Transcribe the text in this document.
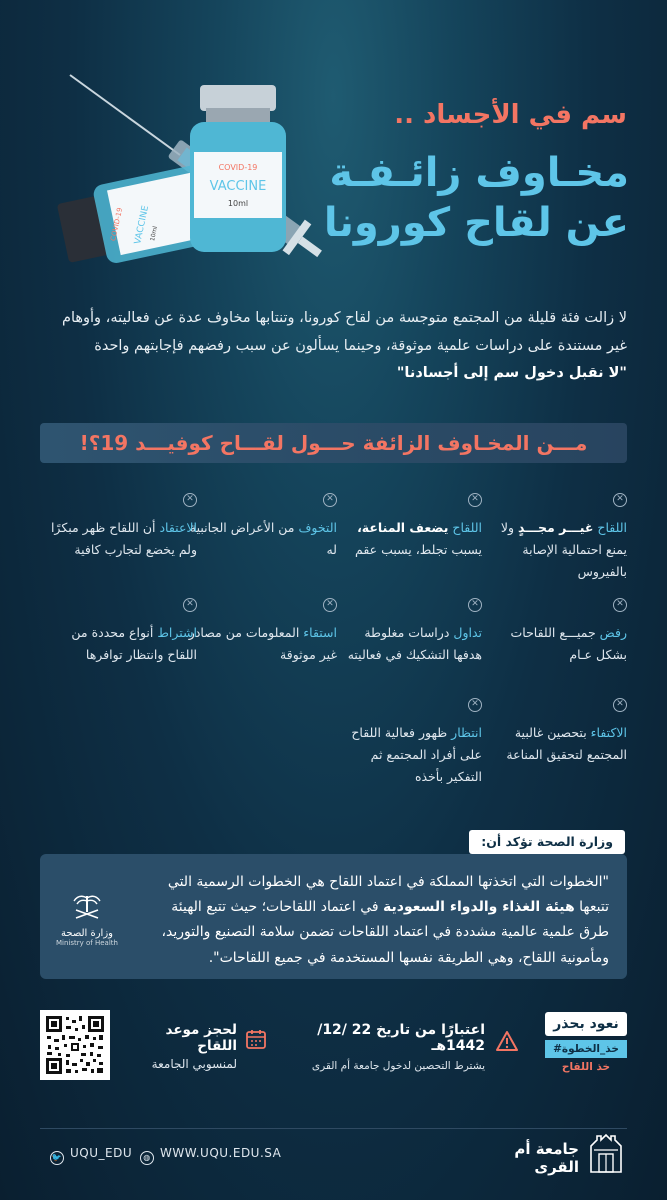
COVID-19 VACCINE
10ml
COVID-19
VACCINE
10ml
سم في الأجساد ..
مخـاوف زائـفـة
عن لقاح كورونا
لا زالت فئة قليلة من المجتمع متوجسة من لقاح كورونا، وتنتابها مخاوف عدة عن فعاليته، وأوهام غير مستندة على دراسات علمية موثوقة، وحينما يسألون عن سبب رفضهم فإجابتهم واحدة
"لا نقبل دخول سم إلى أجسادنا"
مـــن المخـاوف الزائفة حـــول لقـــاح كوفيـــد 19؟!
✕
اللقاح غيـــر مجـــدٍ ولا يمنع احتمالية الإصابة بالفيروس
✕
اللقاح يضعف المناعة، يسبب تجلط، يسبب عقم
✕
التخوف من الأعراض الجانبية له
✕
الاعتقاد أن اللقاح ظهر مبكرًا ولم يخضع لتجارب كافية
✕
رفض جميـــع اللقاحات بشكل عـام
✕
تداول دراسات مغلوطة هدفها التشكيك في فعاليته
✕
استقاء المعلومات من مصادر غير موثوقة
✕
اشتراط أنواع محددة من اللقاح وانتظار توافرها
✕
الاكتفاء بتحصين غالبية المجتمع لتحقيق المناعة
✕
انتظار ظهور فعالية اللقاح على أفراد المجتمع ثم التفكير بأخذه
وزارة الصحة تؤكد أن:
"الخطوات التي اتخذتها المملكة في اعتماد اللقاح هي الخطوات الرسمية التي تتبعها هيئة الغذاء والدواء السعودية في اعتماد اللقاحات؛ حيث تتبع الهيئة طرق علمية عالمية مشددة في اعتماد اللقاحات تضمن سلامة التصنيع والتوريد، ومأمونية اللقاح، وهي الطريقة نفسها المستخدمة في جميع اللقاحات".
وزارة الصحة
Ministry of Health
نعود بحذر
#خذ_الخطوة
خذ اللقاح
اعتبارًا من تاريخ 22 /12/ 1442هـ
يشترط التحصين لدخول جامعة أم القرى
لحجز موعد اللقاح
لمنسوبي الجامعة
🐦 UQU_EDU	◍ WWW.UQU.EDU.SA	جامعة أم القرى
